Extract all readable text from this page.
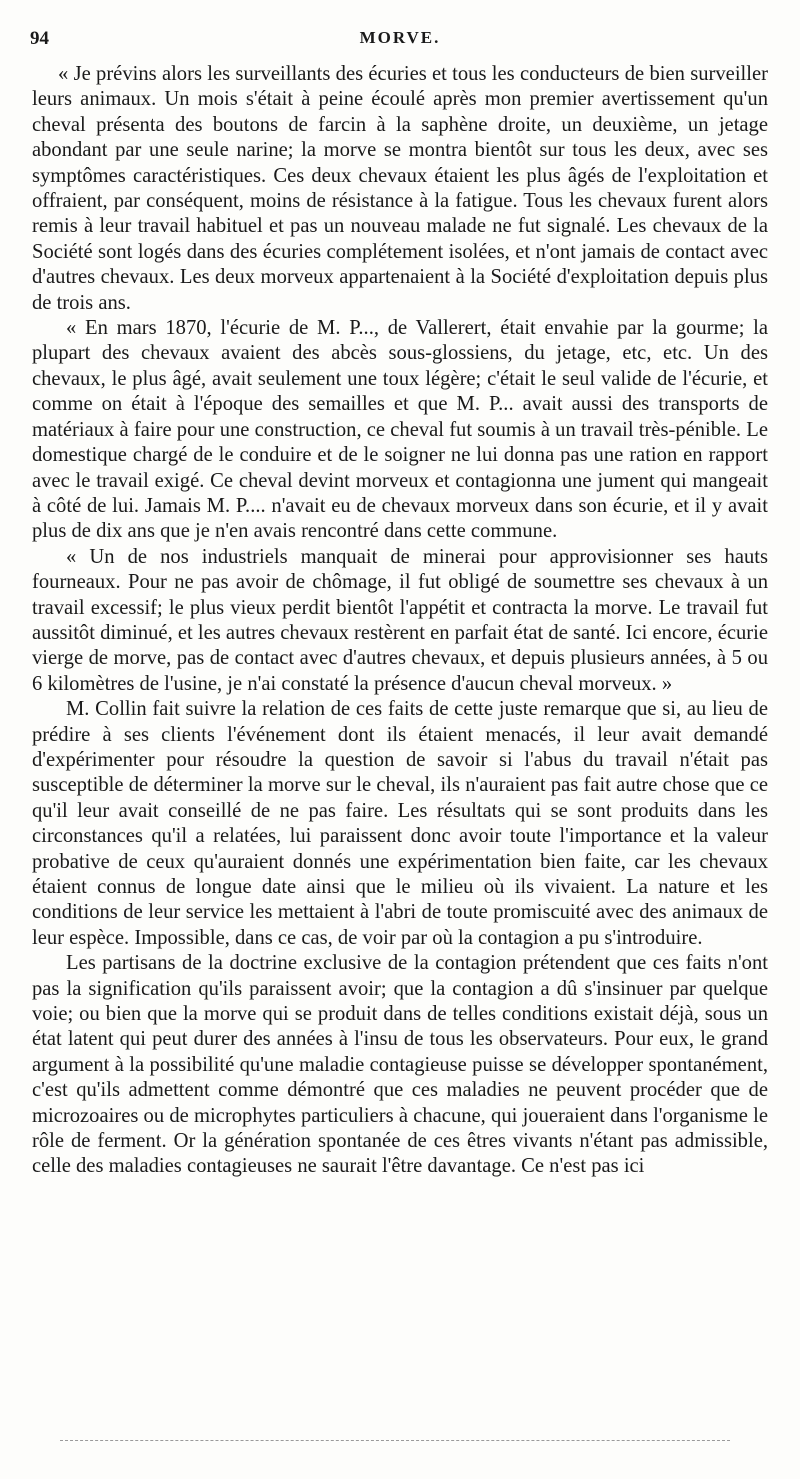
94	MORVE.

« Je prévins alors les surveillants des écuries et tous les conducteurs de bien surveiller leurs animaux. Un mois s'était à peine écoulé après mon premier avertissement qu'un cheval présenta des boutons de farcin à la saphène droite, un deuxième, un jetage abondant par une seule narine; la morve se montra bientôt sur tous les deux, avec ses symptômes caractéristiques. Ces deux chevaux étaient les plus âgés de l'exploitation et offraient, par conséquent, moins de résistance à la fatigue. Tous les chevaux furent alors remis à leur travail habituel et pas un nouveau malade ne fut signalé. Les chevaux de la Société sont logés dans des écuries complétement isolées, et n'ont jamais de contact avec d'autres chevaux. Les deux morveux appartenaient à la Société d'exploitation depuis plus de trois ans.

« En mars 1870, l'écurie de M. P..., de Vallerert, était envahie par la gourme; la plupart des chevaux avaient des abcès sous-glossiens, du jetage, etc, etc. Un des chevaux, le plus âgé, avait seulement une toux légère; c'était le seul valide de l'écurie, et comme on était à l'époque des semailles et que M. P... avait aussi des transports de matériaux à faire pour une construction, ce cheval fut soumis à un travail très-pénible. Le domestique chargé de le conduire et de le soigner ne lui donna pas une ration en rapport avec le travail exigé. Ce cheval devint morveux et contagionna une jument qui mangeait à côté de lui. Jamais M. P.... n'avait eu de chevaux morveux dans son écurie, et il y avait plus de dix ans que je n'en avais rencontré dans cette commune.

« Un de nos industriels manquait de minerai pour approvisionner ses hauts fourneaux. Pour ne pas avoir de chômage, il fut obligé de soumettre ses chevaux à un travail excessif; le plus vieux perdit bientôt l'appétit et contracta la morve. Le travail fut aussitôt diminué, et les autres chevaux restèrent en parfait état de santé. Ici encore, écurie vierge de morve, pas de contact avec d'autres chevaux, et depuis plusieurs années, à 5 ou 6 kilomètres de l'usine, je n'ai constaté la présence d'aucun cheval morveux. »

M. Collin fait suivre la relation de ces faits de cette juste remarque que si, au lieu de prédire à ses clients l'événement dont ils étaient menacés, il leur avait demandé d'expérimenter pour résoudre la question de savoir si l'abus du travail n'était pas susceptible de déterminer la morve sur le cheval, ils n'auraient pas fait autre chose que ce qu'il leur avait conseillé de ne pas faire. Les résultats qui se sont produits dans les circonstances qu'il a relatées, lui paraissent donc avoir toute l'importance et la valeur probative de ceux qu'auraient donnés une expérimentation bien faite, car les chevaux étaient connus de longue date ainsi que le milieu où ils vivaient. La nature et les conditions de leur service les mettaient à l'abri de toute promiscuité avec des animaux de leur espèce. Impossible, dans ce cas, de voir par où la contagion a pu s'introduire.

Les partisans de la doctrine exclusive de la contagion prétendent que ces faits n'ont pas la signification qu'ils paraissent avoir; que la contagion a dû s'insinuer par quelque voie; ou bien que la morve qui se produit dans de telles conditions existait déjà, sous un état latent qui peut durer des années à l'insu de tous les observateurs. Pour eux, le grand argument à la possibilité qu'une maladie contagieuse puisse se développer spontanément, c'est qu'ils admettent comme démontré que ces maladies ne peuvent procéder que de microzoaires ou de microphytes particuliers à chacune, qui joueraient dans l'organisme le rôle de ferment. Or la génération spontanée de ces êtres vivants n'étant pas admissible, celle des maladies contagieuses ne saurait l'être davantage. Ce n'est pas ici
